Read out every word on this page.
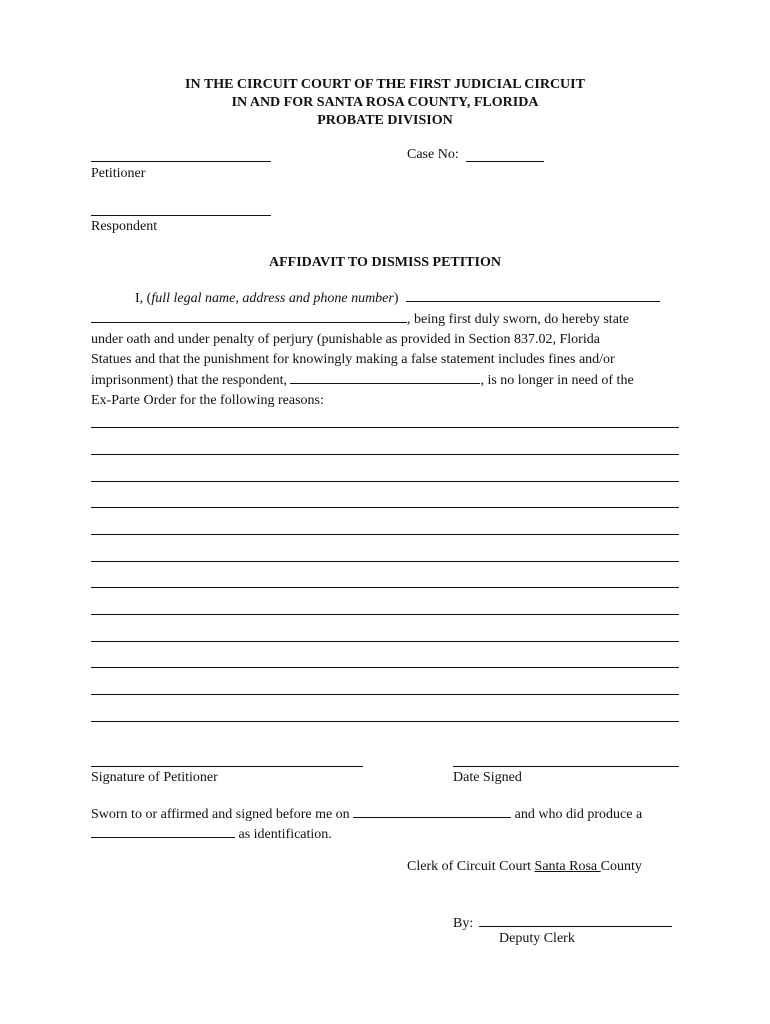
IN THE CIRCUIT COURT OF THE FIRST JUDICIAL CIRCUIT
IN AND FOR SANTA ROSA COUNTY, FLORIDA
PROBATE DIVISION
Case No:
Petitioner
Respondent
AFFIDAVIT TO DISMISS PETITION
I, (full legal name, address and phone number)
, being first duly sworn, do hereby state
under oath and under penalty of perjury (punishable as provided in Section 837.02, Florida
Statues and that the punishment for knowingly making a false statement includes fines and/or
imprisonment) that the respondent,	, is no longer in need of the
Ex-Parte Order for the following reasons:
Signature of Petitioner	Date Signed
Sworn to or affirmed and signed before me on	and who did produce a
as identification.
Clerk of Circuit Court Santa Rosa County
By:
Deputy Clerk
